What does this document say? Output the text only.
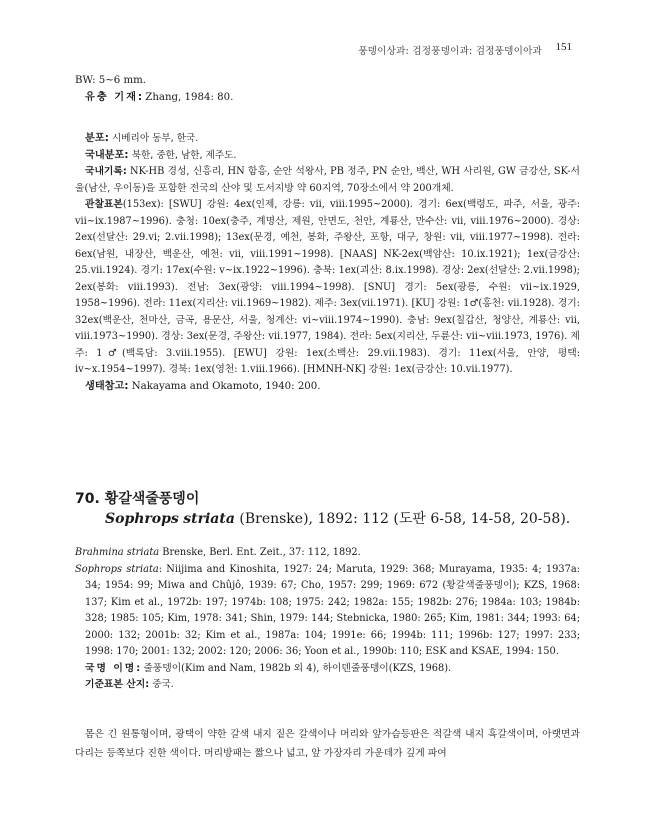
풍뎅이상과: 검정풍뎅이과: 검정풍뎅이아과 151
BW: 5~6 mm.
유충 기재: Zhang, 1984: 80.
분포: 시베리아 동부, 한국.
국내분포: 북한, 중한, 남한, 제주도.
국내기록: NK-HB 경성, 신흥리, HN 함흥, 순안 석왕사, PB 정주, PN 순안, 백산, WH 사리원, GW 금강산, SK-서울(남산, 우이동)을 포함한 전국의 산야 및 도서지방 약 60지역, 70장소에서 약 200개체.
관찰표본(153ex): [SWU] 강원: 4ex(인제, 강릉: vii, viii.1995~2000). 경기: 6ex(백령도, 파주, 서울, 광주: vii~ix.1987~1996). 충청: 10ex(충주, 계명산, 제원, 안면도, 천안, 계룡산, 만수산: vii, viii.1976~2000). 경상: 2ex(선달산: 29.vi; 2.vii.1998); 13ex(문경, 예천, 봉화, 주왕산, 포항, 대구, 창원: vii, viii.1977~1998). 전라: 6ex(남원, 내장산, 백운산, 예천: vii, viii.1991~1998). [NAAS] NK-2ex(백암산: 10.ix.1921); 1ex(금강산: 25.vii.1924). 경기: 17ex(수원: v~ix.1922~1996). 충북: 1ex(괴산: 8.ix.1998). 경상: 2ex(선달산: 2.vii.1998); 2ex(봉화: viii.1993). 전남: 3ex(광양: viii.1994~1998). [SNU] 경기: 5ex(광릉, 수원: vii~ix.1929, 1958~1996). 전라: 11ex(지리산: vii.1969~1982). 제주: 3ex(vii.1971). [KU] 강원: 1♂(홍천: vii.1928). 경기: 32ex(백운산, 천마산, 금곡, 용문산, 서울, 청계산: vi~viii.1974~1990). 충남: 9ex(칠갑산, 청양산, 계룡산: vii, viii.1973~1990). 경상: 3ex(문경, 주왕산: vii.1977, 1984). 전라: 5ex(지리산, 두륜산: vii~viii.1973, 1976). 제주: 1♂(백록담: 3.viii.1955). [EWU] 강원: 1ex(소백산: 29.vii.1983). 경기: 11ex(서울, 안양, 평택: iv~x.1954~1997). 경북: 1ex(영천: 1.viii.1966). [HMNH-NK] 강원: 1ex(금강산: 10.vii.1977).
생태참고: Nakayama and Okamoto, 1940: 200.
70. 황갈색줄풍뎅이
Sophrops striata (Brenske), 1892: 112 (도판 6-58, 14-58, 20-58).
Brahmina striata Brenske, Berl. Ent. Zeit., 37: 112, 1892.
Sophrops striata: Niijima and Kinoshita, 1927: 24; Maruta, 1929: 368; Murayama, 1935: 4; 1937a: 34; 1954: 99; Miwa and Chûjô, 1939: 67; Cho, 1957: 299; 1969: 672 (황갈색줄풍뎅이); KZS, 1968: 137; Kim et al., 1972b: 197; 1974b: 108; 1975: 242; 1982a: 155; 1982b: 276; 1984a: 103; 1984b: 328; 1985: 105; Kim, 1978: 341; Shin, 1979: 144; Stebnicka, 1980: 265; Kim, 1981: 344; 1993: 64; 2000: 132; 2001b: 32; Kim et al., 1987a: 104; 1991e: 66; 1994b: 111; 1996b: 127; 1997: 233; 1998: 170; 2001: 132; 2002: 120; 2006: 36; Yoon et al., 1990b: 110; ESK and KSAE, 1994: 150.
국명 이명: 줄풍뎅이(Kim and Nam, 1982b 외 4), 하이덴줄풍뎅이(KZS, 1968).
기준표본 산지: 중국.
몸은 긴 원통형이며, 광택이 약한 갈색 내지 짙은 갈색이나 머리와 앞가슴등판은 적갈색 내지 흑갈색이며, 아랫면과 다리는 등쪽보다 진한 색이다. 머리방패는 짧으나 넓고, 앞 가장자리 가운데가 깊게 파여
